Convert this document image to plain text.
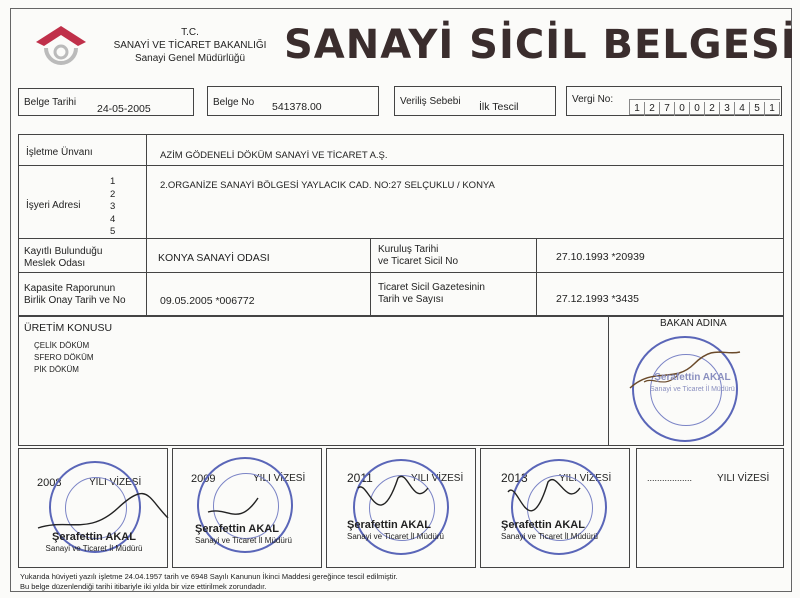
T.C.
SANAYİ VE TİCARET BAKANLIĞI
Sanayi Genel Müdürlüğü SANAYİ SİCİL BELGESİ
Belge Tarihi
24-05-2005
Belge No 541378.00	Veriliş Sebebi İlk Tescil
Vergi No:
1 2 7 0 0 2 3 4 5 1
İşletme Ünvanı	AZİM GÖDENELİ DÖKÜM SANAYİ VE TİCARET A.Ş.
İşyeri Adresi
1
2
3
4
5
2.ORGANİZE SANAYİ BÖLGESİ YAYLACIK CAD. NO:27 SELÇUKLU / KONYA
Kayıtlı Bulunduğu
Meslek Odası	KONYA SANAYİ ODASI
Kuruluş Tarihi
ve Ticaret Sicil No	27.10.1993 *20939
Kapasite Raporunun
Birlik Onay Tarih ve No	09.05.2005 *006772
Ticaret Sicil Gazetesinin
Tarih ve Sayısı	27.12.1993 *3435
ÜRETİM KONUSU
ÇELİK DÖKÜM
SFERO DÖKÜM
PİK DÖKÜM
BAKAN ADINA
Şerafettin AKAL
Sanayi ve Ticaret İl Müdürü
2008	YILI VİZESİ
Şerafettin AKAL
Sanayi ve Ticaret İl Müdürü
2009	YILI VİZESİ
Şerafettin AKAL
Sanayi ve Ticaret İl Müdürü
2011	YILI VİZESİ
Şerafettin AKAL
Sanayi ve Ticaret İl Müdürü
2013	YILI VİZESİ
Şerafettin AKAL
Sanayi ve Ticaret İl Müdürü
.................. YILI VİZESİ
Yukarıda hüviyeti yazılı işletme 24.04.1957 tarih ve 6948 Sayılı Kanunun İkinci Maddesi gereğince tescil edilmiştir.
Bu belge düzenlendiği tarihi itibariyle iki yılda bir vize ettirilmek zorundadır.
